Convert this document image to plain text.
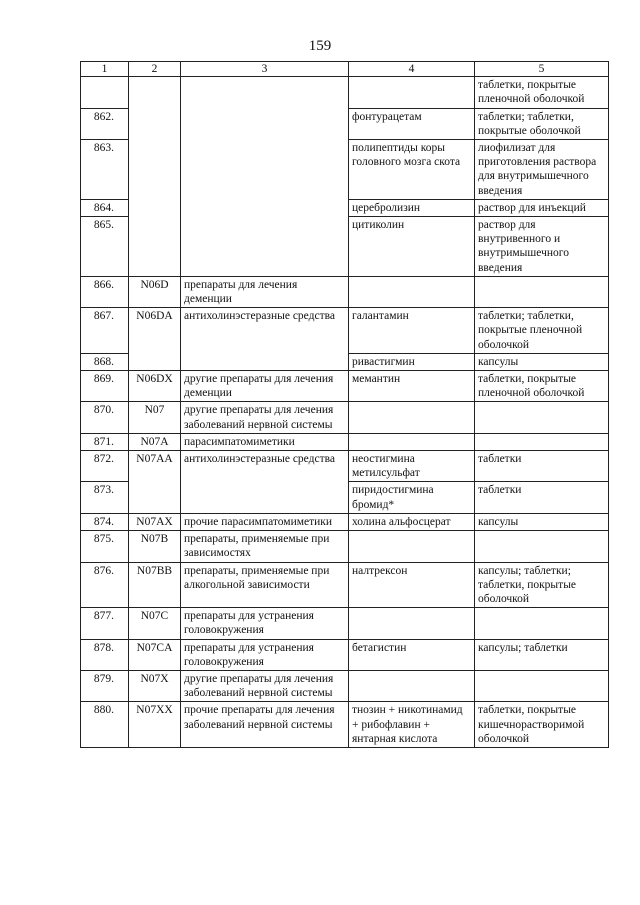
159
1	2	3	4	5
				таблетки, покрытые пленочной оболочкой
862.			фонтурацетам	таблетки; таблетки, покрытые оболочкой
863.			полипептиды коры головного мозга скота	лиофилизат для приготовления раствора для внутримышечного введения
864.			церебролизин	раствор для инъекций
865.			цитиколин	раствор для внутривенного и внутримышечного введения
866.	N06D	препараты для лечения деменции		
867.	N06DA	антихолинэстеразные средства	галантамин	таблетки; таблетки, покрытые пленочной оболочкой
868.			ривастигмин	капсулы
869.	N06DX	другие препараты для лечения деменции	мемантин	таблетки, покрытые пленочной оболочкой
870.	N07	другие препараты для лечения заболеваний нервной системы		
871.	N07A	парасимпатомиметики		
872.	N07AA	антихолинэстеразные средства	неостигмина метилсульфат	таблетки
873.			пиридостигмина бромид*	таблетки
874.	N07AX	прочие парасимпатомиметики	холина альфосцерат	капсулы
875.	N07B	препараты, применяемые при зависимостях		
876.	N07BB	препараты, применяемые при алкогольной зависимости	налтрексон	капсулы; таблетки; таблетки, покрытые оболочкой
877.	N07C	препараты для устранения головокружения		
878.	N07CA	препараты для устранения головокружения	бетагистин	капсулы; таблетки
879.	N07X	другие препараты для лечения заболеваний нервной системы		
880.	N07XX	прочие препараты для лечения заболеваний нервной системы	тнозин + никотинамид + рибофлавин + янтарная кислота	таблетки, покрытые кишечнорастворимой оболочкой
